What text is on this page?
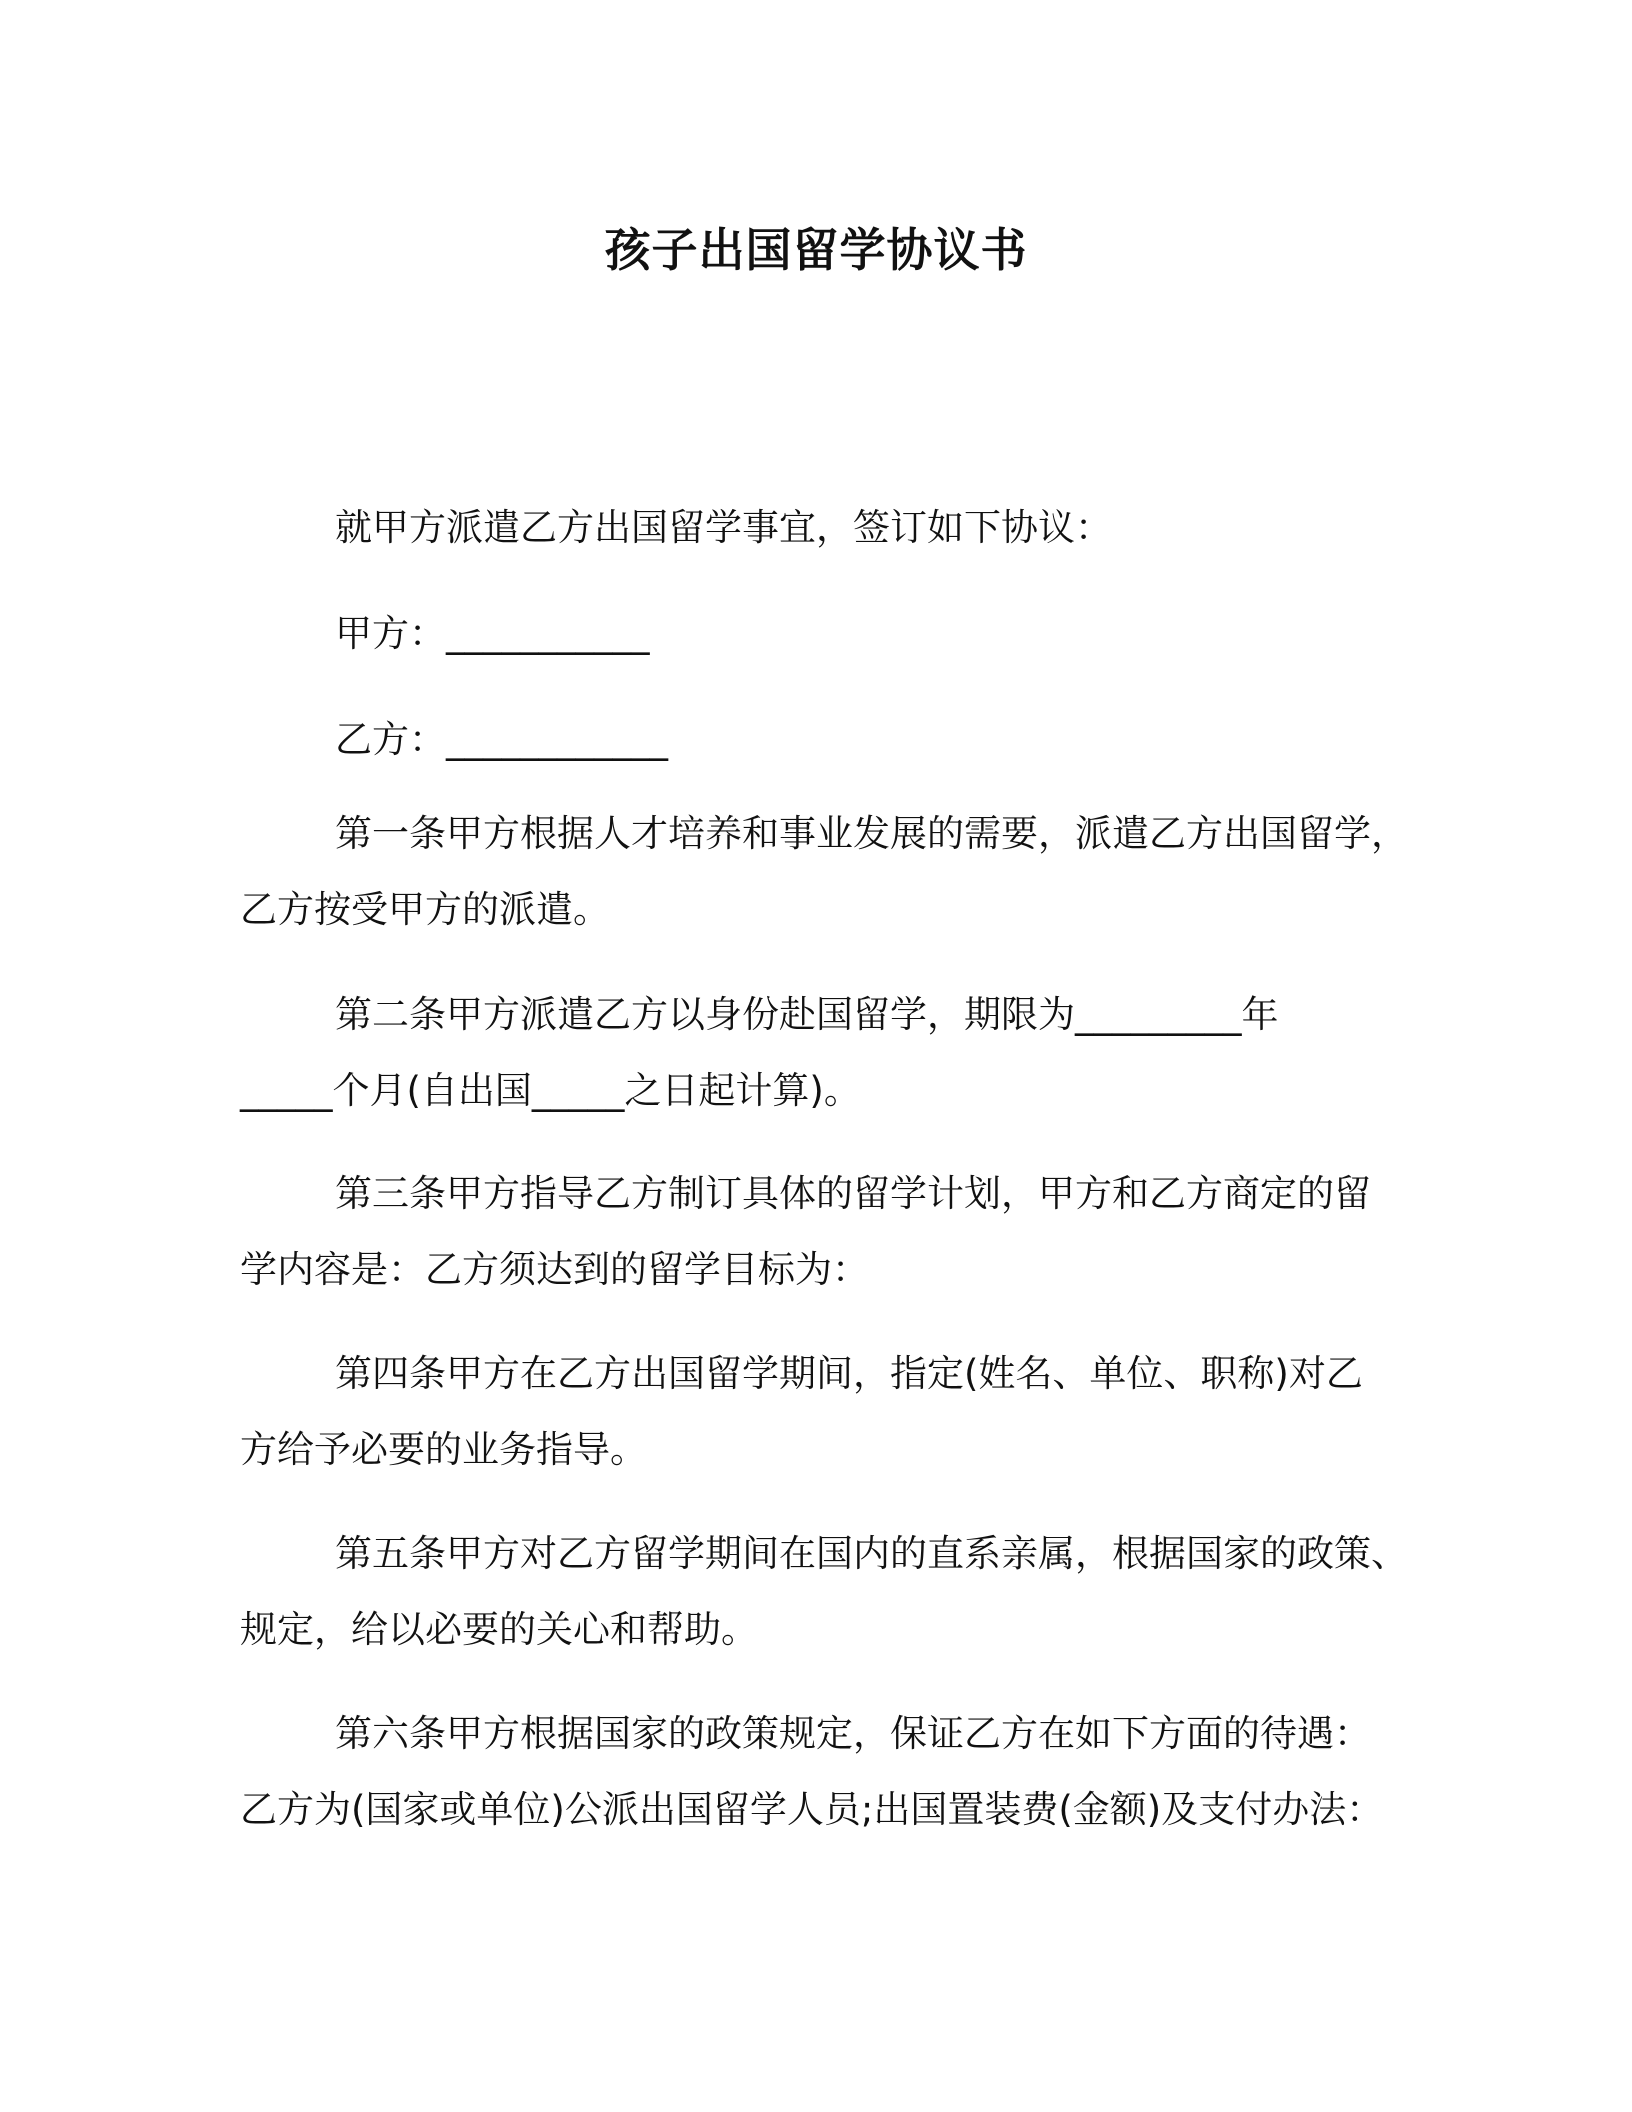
孩子出国留学协议书
就甲方派遣乙方出国留学事宜，签订如下协议：
甲方：___________
乙方：____________
第一条甲方根据人才培养和事业发展的需要，派遣乙方出国留学，
乙方按受甲方的派遣。
第二条甲方派遣乙方以身份赴国留学，期限为_________年
_____个月(自出国_____之日起计算)。
第三条甲方指导乙方制订具体的留学计划，甲方和乙方商定的留
学内容是：乙方须达到的留学目标为：
第四条甲方在乙方出国留学期间，指定(姓名、单位、职称)对乙
方给予必要的业务指导。
第五条甲方对乙方留学期间在国内的直系亲属，根据国家的政策、
规定，给以必要的关心和帮助。
第六条甲方根据国家的政策规定，保证乙方在如下方面的待遇：
乙方为(国家或单位)公派出国留学人员;出国置装费(金额)及支付办法：
